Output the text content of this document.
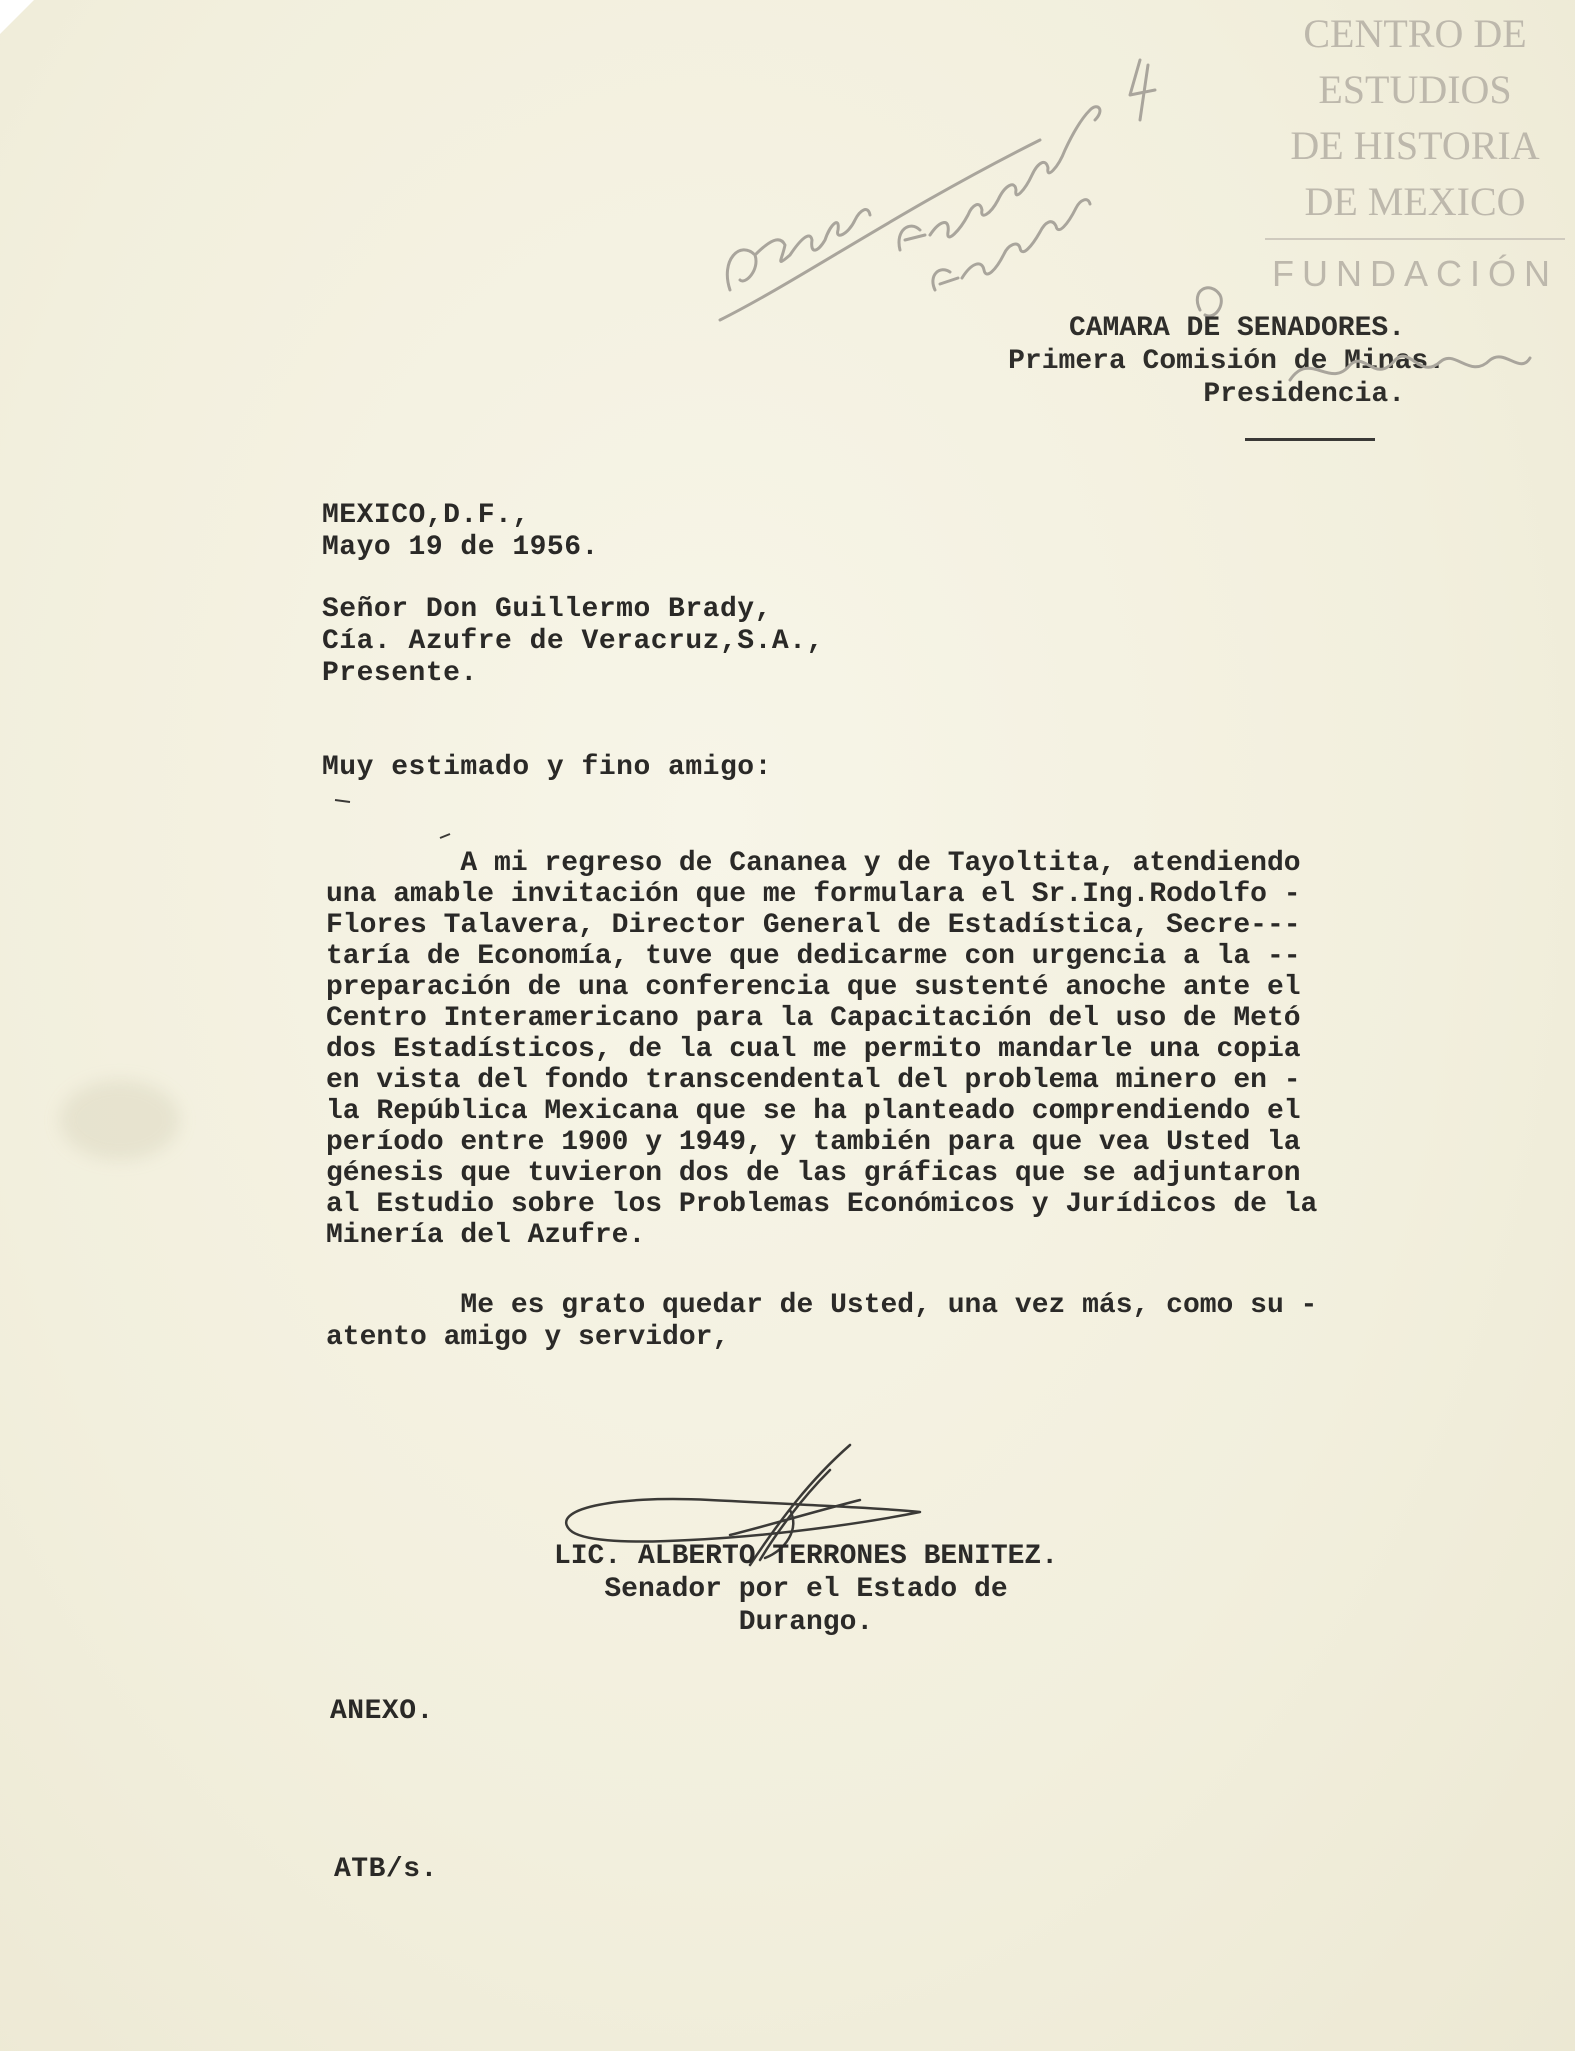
CENTRO DE
ESTUDIOS
DE HISTORIA
DE MEXICO
FUNDACIÓN
CAMARA DE SENADORES.
Primera Comisión de Minas.
Presidencia.
MEXICO,D.F.,
Mayo 19 de 1956.
Señor Don Guillermo Brady,
Cía. Azufre de Veracruz,S.A.,
Presente.
Muy estimado y fino amigo:
A mi regreso de Cananea y de Tayoltita, atendiendo
una amable invitación que me formulara el Sr.Ing.Rodolfo -
Flores Talavera, Director General de Estadística, Secre---
taría de Economía, tuve que dedicarme con urgencia a la --
preparación de una conferencia que sustenté anoche ante el
Centro Interamericano para la Capacitación del uso de Metó
dos Estadísticos, de la cual me permito mandarle una copia
en vista del fondo transcendental del problema minero en -
la República Mexicana que se ha planteado comprendiendo el
período entre 1900 y 1949, y también para que vea Usted la
génesis que tuvieron dos de las gráficas que se adjuntaron
al Estudio sobre los Problemas Económicos y Jurídicos de la
Minería del Azufre.
Me es grato quedar de Usted, una vez más, como su -
atento amigo y servidor,
LIC. ALBERTO TERRONES BENITEZ.
Senador por el Estado de
Durango.
ANEXO.
ATB/s.
